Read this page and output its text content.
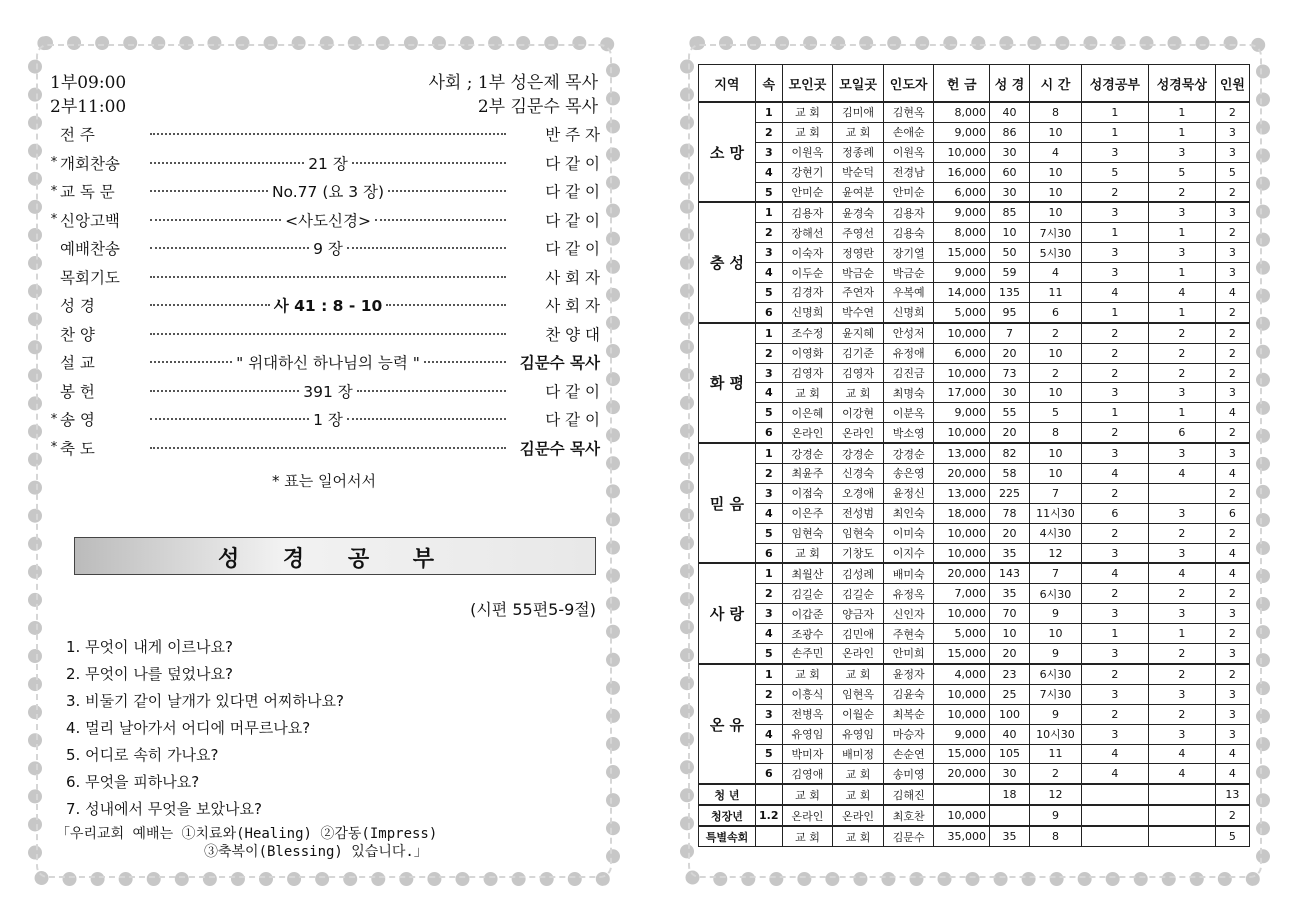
1부09:00
2부11:00
사회 ; 1부 성은제 목사
2부 김문수 목사
전 주	반 주 자
* 개회찬송	21 장	다 같 이
* 교 독 문	No.77 (요 3 장)	다 같 이
* 신앙고백	<사도신경>	다 같 이
예배찬송	9 장	다 같 이
목회기도	사 회 자
성 경	사 41 : 8 - 10	사 회 자
찬 양	찬 양 대
설 교	" 위대하신 하나님의 능력 "	김문수 목사
봉 헌	391 장	다 같 이
* 송 영	1 장	다 같 이
* 축 도	김문수 목사
* 표는 일어서서
성 경 공 부
(시편 55편5-9절)
1. 무엇이 내게 이르나요?
2. 무엇이 나를 덮었나요?
3. 비둘기 같이 날개가 있다면 어찌하나요?
4. 멀리 날아가서 어디에 머무르나요?
5. 어디로 속히 가나요?
6. 무엇을 피하나요?
7. 성내에서 무엇을 보았나요?
「우리교회 예배는 ①치료와(Healing) ②감동(Impress)
③축복이(Blessing) 있습니다.」
지역	속	모인곳	모일곳	인도자	헌 금	성 경	시 간	성경공부	성경묵상	인원
소 망	1	교 회	김미애	김현옥	8,000	40	8	1	1	2
	2	교 회	교 회	손애순	9,000	86	10	1	1	3
	3	이원옥	정종례	이원옥	10,000	30	4	3	3	3
	4	강현기	박순덕	전경남	16,000	60	10	5	5	5
	5	안미순	윤여분	안미순	6,000	30	10	2	2	2
충 성	1	김용자	윤경숙	김용자	9,000	85	10	3	3	3
	2	장해선	주영선	김용숙	8,000	10	7시30	1	1	2
	3	이숙자	정영란	장기열	15,000	50	5시30	3	3	3
	4	이두순	박금순	박금순	9,000	59	4	3	1	3
	5	김경자	주연자	우복예	14,000	135	11	4	4	4
	6	신명희	박수연	신명희	5,000	95	6	1	1	2
화 평	1	조수정	윤지혜	안성저	10,000	7	2	2	2	2
	2	이영화	김기준	유정애	6,000	20	10	2	2	2
	3	김영자	김영자	김진금	10,000	73	2	2	2	2
	4	교 회	교 회	최명숙	17,000	30	10	3	3	3
	5	이은혜	이강현	이분옥	9,000	55	5	1	1	4
	6	온라인	온라인	박소영	10,000	20	8	2	6	2
믿 음	1	강경순	강경순	강경순	13,000	82	10	3	3	3
	2	최윤주	신경숙	송은영	20,000	58	10	4	4	4
	3	이점숙	오경애	윤정신	13,000	225	7	2		2
	4	이은주	전성범	최인숙	18,000	78	11시30	6	3	6
	5	임현숙	임현숙	이미숙	10,000	20	4시30	2	2	2
	6	교 회	기창도	이지수	10,000	35	12	3	3	4
사 랑	1	최월산	김성례	배미숙	20,000	143	7	4	4	4
	2	김길순	김길순	유정옥	7,000	35	6시30	2	2	2
	3	이갑준	양금자	신인자	10,000	70	9	3	3	3
	4	조광수	김민애	주현숙	5,000	10	10	1	1	2
	5	손주민	온라인	안미희	15,000	20	9	3	2	3
온 유	1	교 회	교 회	윤정자	4,000	23	6시30	2	2	2
	2	이흥식	임현옥	김윤숙	10,000	25	7시30	3	3	3
	3	전병옥	이월순	최복순	10,000	100	9	2	2	3
	4	유영임	유영임	마승자	9,000	40	10시30	3	3	3
	5	박미자	배미정	손순연	15,000	105	11	4	4	4
	6	김영애	교 회	송미영	20,000	30	2	4	4	4
청 년		교 회	교 회	김해진		18	12			13
청장년	1.2	온라인	온라인	최호찬	10,000		9			2
특별속회		교 회	교 회	김문수	35,000	35	8			5
